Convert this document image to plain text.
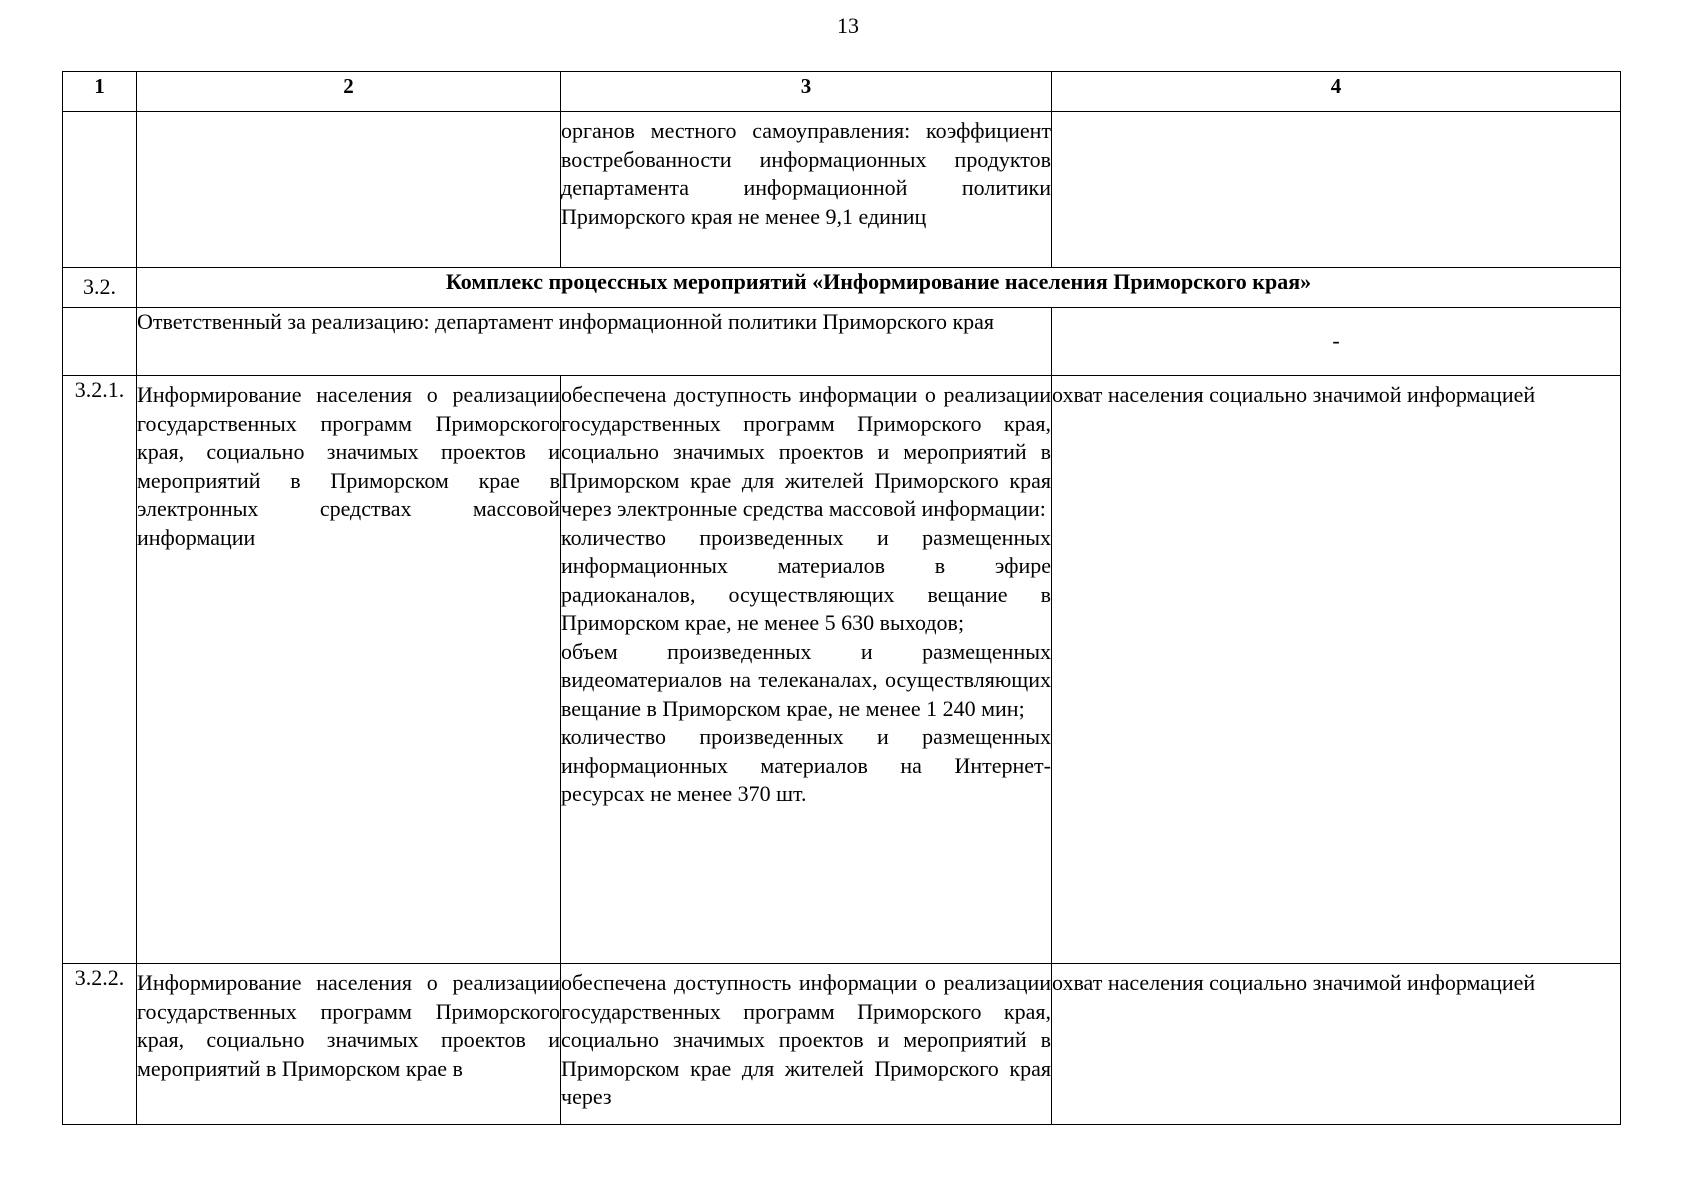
13
1	2	3	4
		органов местного самоуправления: коэффициент востребованности информационных продуктов департамента информационной политики Приморского края не менее 9,1 единиц	
3.2.	Комплекс процессных мероприятий «Информирование населения Приморского края»		
	Ответственный за реализацию: департамент информационной политики Приморского края		-
3.2.1.	Информирование населения о реализации государственных программ Приморского края, социально значимых проектов и мероприятий в Приморском крае в электронных средствах массовой информации	обеспечена доступность информации о реализации государственных программ Приморского края, социально значимых проектов и мероприятий в Приморском крае для жителей Приморского края через электронные средства массовой информации:
количество произведенных и размещенных информационных материалов в эфире радиоканалов, осуществляющих вещание в Приморском крае, не менее 5 630 выходов;
объем произведенных и размещенных видеоматериалов на телеканалах, осуществляющих вещание в Приморском крае, не менее 1 240 мин;
количество произведенных и размещенных информационных материалов на Интернет-ресурсах не менее 370 шт.	охват населения социально значимой информацией
3.2.2.	Информирование населения о реализации государственных программ Приморского края, социально значимых проектов и мероприятий в Приморском крае в	обеспечена доступность информации о реализации государственных программ Приморского края, социально значимых проектов и мероприятий в Приморском крае для жителей Приморского края через	охват населения социально значимой информацией
